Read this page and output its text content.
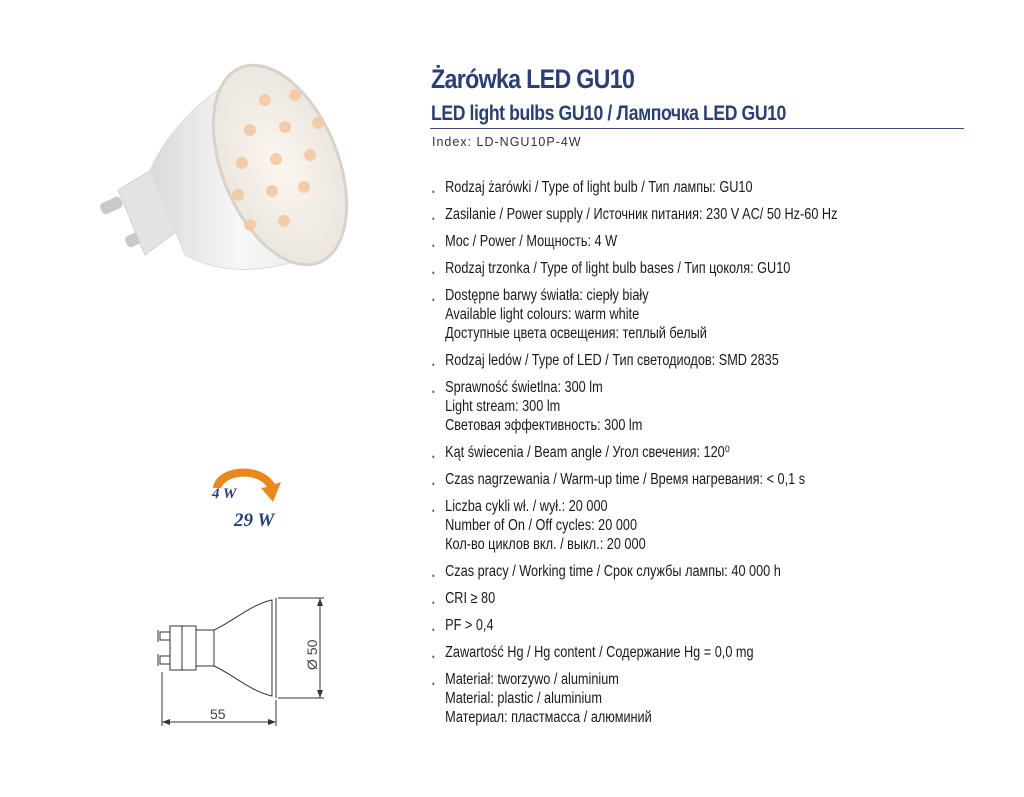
Żarówka LED GU10
LED light bulbs GU10 / Лампочка LED GU10
Index: LD-NGU10P-4W
• Rodzaj żarówki / Type of light bulb / Тип лампы: GU10
• Zasilanie / Power supply / Источник питания: 230 V AC/ 50 Hz-60 Hz
• Moc / Power / Мощность: 4 W
• Rodzaj trzonka / Type of light bulb bases / Тип цоколя: GU10
• Dostępne barwy światła: ciepły biały
Available light colours: warm white
Доступные цвета освещения: теплый белый
• Rodzaj ledów / Type of LED / Тип светодиодов: SMD 2835
• Sprawność świetlna: 300 lm
Light stream: 300 lm
Световая эффективность: 300 lm
• Kąt świecenia / Beam angle / Угол свечения: 120⁰
• Czas nagrzewania / Warm-up time / Время нагревания: < 0,1 s
• Liczba cykli wł. / wył.: 20 000
Number of On / Off cycles: 20 000
Кол-во циклов вкл. / выкл.: 20 000
• Czas pracy / Working time / Срок службы лампы: 40 000 h
• CRI ≥ 80
• PF > 0,4
• Zawartość Hg / Hg content / Содержание Hg = 0,0 mg
• Materiał: tworzywo / aluminium
Material: plastic / aluminium
Материал: пластмасса / алюминий
4 W
29 W
Ø 50
55
